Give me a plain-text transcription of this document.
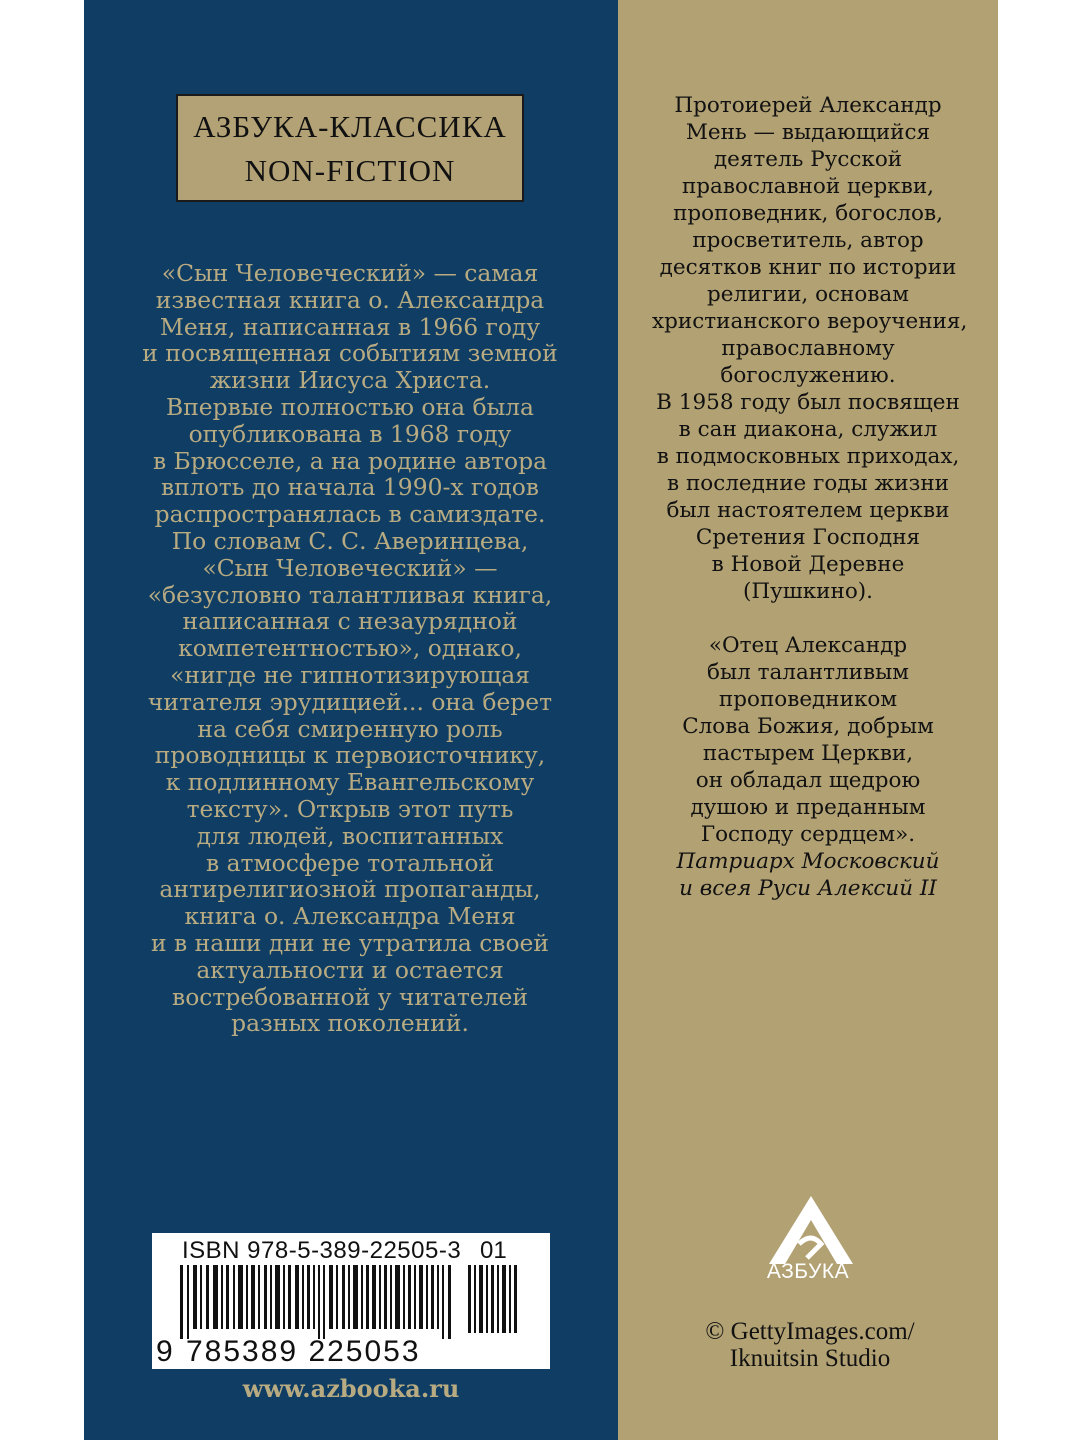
АЗБУКА-КЛАССИКА
NON-FICTION
«Сын Человеческий» — самая
известная книга о. Александра
Меня, написанная в 1966 году
и посвященная событиям земной
жизни Иисуса Христа.
Впервые полностью она была
опубликована в 1968 году
в Брюсселе, а на родине автора
вплоть до начала 1990-х годов
распространялась в самиздате.
По словам С. С. Аверинцева,
«Сын Человеческий» —
«безусловно талантливая книга,
написанная с незаурядной
компетентностью», однако,
«нигде не гипнотизирующая
читателя эрудицией... она берет
на себя смиренную роль
проводницы к первоисточнику,
к подлинному Евангельскому
тексту». Открыв этот путь
для людей, воспитанных
в атмосфере тотальной
антирелигиозной пропаганды,
книга о. Александра Меня
и в наши дни не утратила своей
актуальности и остается
востребованной у читателей
разных поколений.
Протоиерей Александр
Мень — выдающийся
деятель Русской
православной церкви,
проповедник, богослов,
просветитель, автор
десятков книг по истории
религии, основам
христианского вероучения,
православному
богослужению.
В 1958 году был посвящен
в сан диакона, служил
в подмосковных приходах,
в последние годы жизни
был настоятелем церкви
Сретения Господня
в Новой Деревне
(Пушкино).
«Отец Александр
был талантливым
проповедником
Слова Божия, добрым
пастырем Церкви,
он обладал щедрою
душою и преданным
Господу сердцем».
Патриарх Московский
и всея Руси Алексий II
ISBN 978-5-389-22505-3 01
9 785389 225053
www.azbooka.ru
АЗБУКА
© GettyImages.com/
Iknuitsin Studio
